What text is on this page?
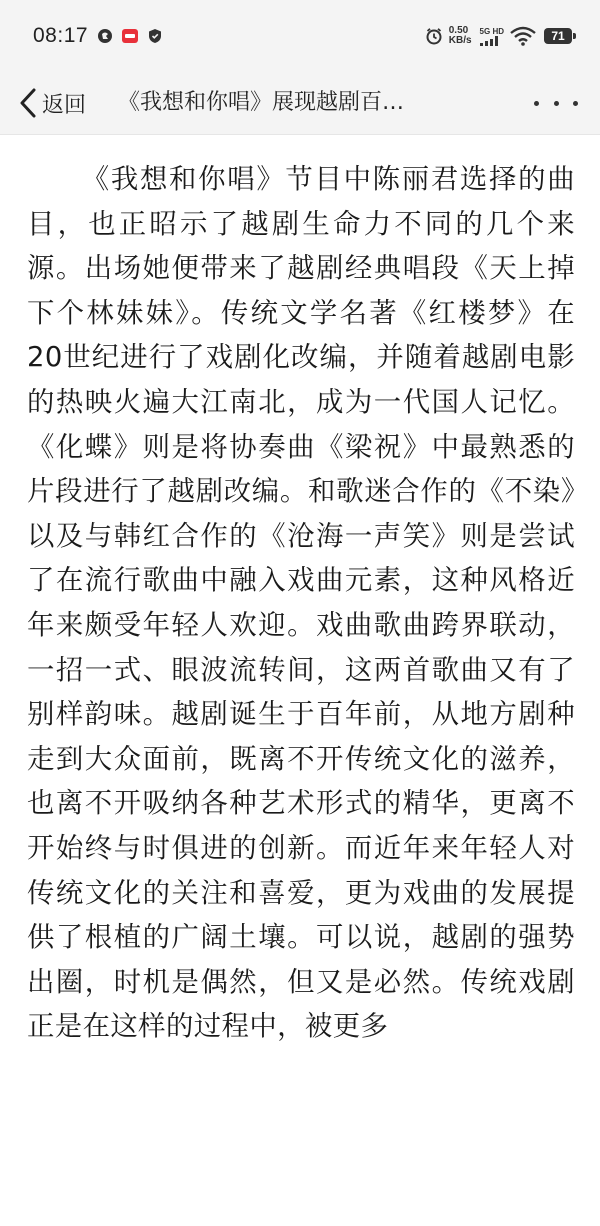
08:17	0.50
KB/s
5G HD	71
返回 《我想和你唱》展现越剧百…

《我想和你唱》节目中陈丽君选择的曲目，也正昭示了越剧生命力不同的几个来源。出场她便带来了越剧经典唱段《天上掉下个林妹妹》。传统文学名著《红楼梦》在20世纪进行了戏剧化改编，并随着越剧电影的热映火遍大江南北，成为一代国人记忆。《化蝶》则是将协奏曲《梁祝》中最熟悉的片段进行了越剧改编。和歌迷合作的《不染》以及与韩红合作的《沧海一声笑》则是尝试了在流行歌曲中融入戏曲元素，这种风格近年来颇受年轻人欢迎。戏曲歌曲跨界联动，一招一式、眼波流转间，这两首歌曲又有了别样韵味。越剧诞生于百年前，从地方剧种走到大众面前，既离不开传统文化的滋养，也离不开吸纳各种艺术形式的精华，更离不开始终与时俱进的创新。而近年来年轻人对传统文化的关注和喜爱，更为戏曲的发展提供了根植的广阔土壤。可以说，越剧的强势出圈，时机是偶然，但又是必然。传统戏剧正是在这样的过程中，被更多
